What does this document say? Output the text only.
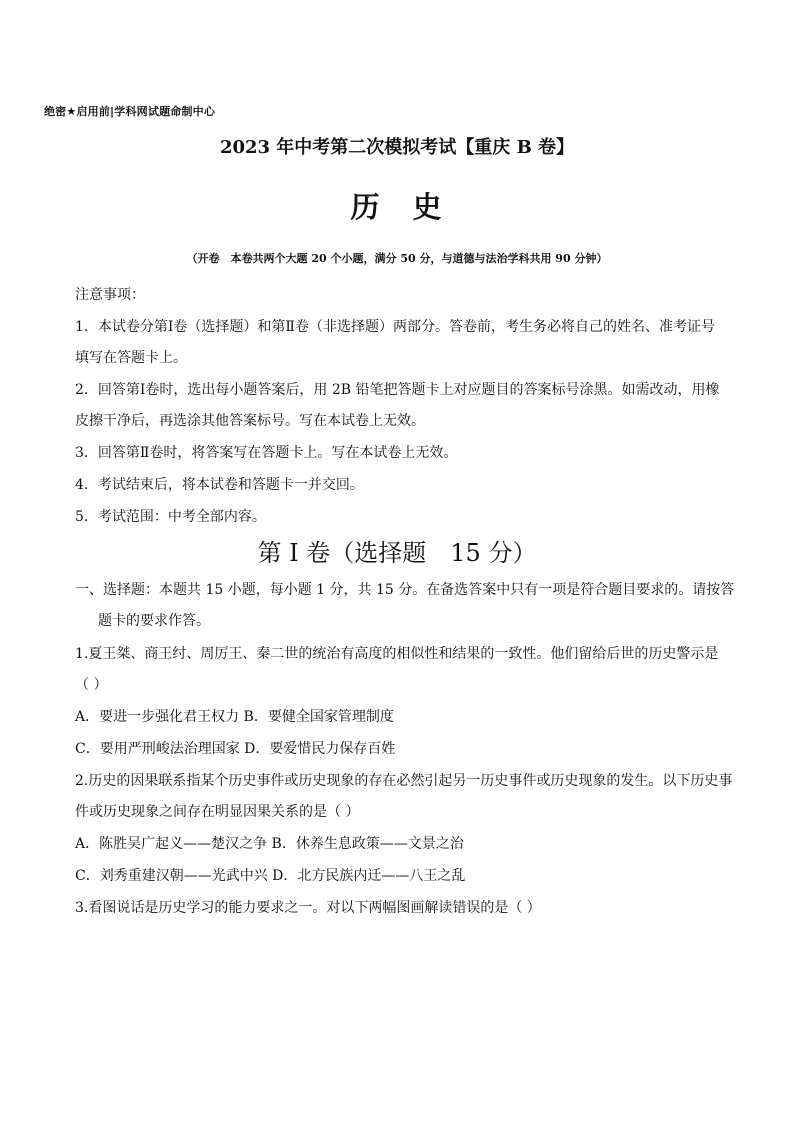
绝密★启用前|学科网试题命制中心
2023 年中考第二次模拟考试【重庆 B 卷】
历　史
（开卷　本卷共两个大题 20 个小题，满分 50 分，与道德与法治学科共用 90 分钟）
注意事项：
1．本试卷分第Ⅰ卷（选择题）和第Ⅱ卷（非选择题）两部分。答卷前，考生务必将自己的姓名、准考证号
填写在答题卡上。
2．回答第Ⅰ卷时，选出每小题答案后，用 2B 铅笔把答题卡上对应题目的答案标号涂黑。如需改动，用橡
皮擦干净后，再选涂其他答案标号。写在本试卷上无效。
3．回答第Ⅱ卷时，将答案写在答题卡上。写在本试卷上无效。
4．考试结束后，将本试卷和答题卡一并交回。
5．考试范围：中考全部内容。
第 I 卷（选择题　15 分）
一、选择题：本题共 15 小题，每小题 1 分，共 15 分。在备选答案中只有一项是符合题目要求的。请按答
题卡的要求作答。
1.夏王桀、商王纣、周厉王、秦二世的统治有高度的相似性和结果的一致性。他们留给后世的历史警示是
（ ）
A．要进一步强化君王权力 B．要健全国家管理制度
C．要用严刑峻法治理国家 D．要爱惜民力保存百姓
2.历史的因果联系指某个历史事件或历史现象的存在必然引起另一历史事件或历史现象的发生。以下历史事
件或历史现象之间存在明显因果关系的是（ ）
A．陈胜吴广起义——楚汉之争 B．休养生息政策——文景之治
C．刘秀重建汉朝——光武中兴 D．北方民族内迁——八王之乱
3.看图说话是历史学习的能力要求之一。对以下两幅图画解读错误的是（ ）
